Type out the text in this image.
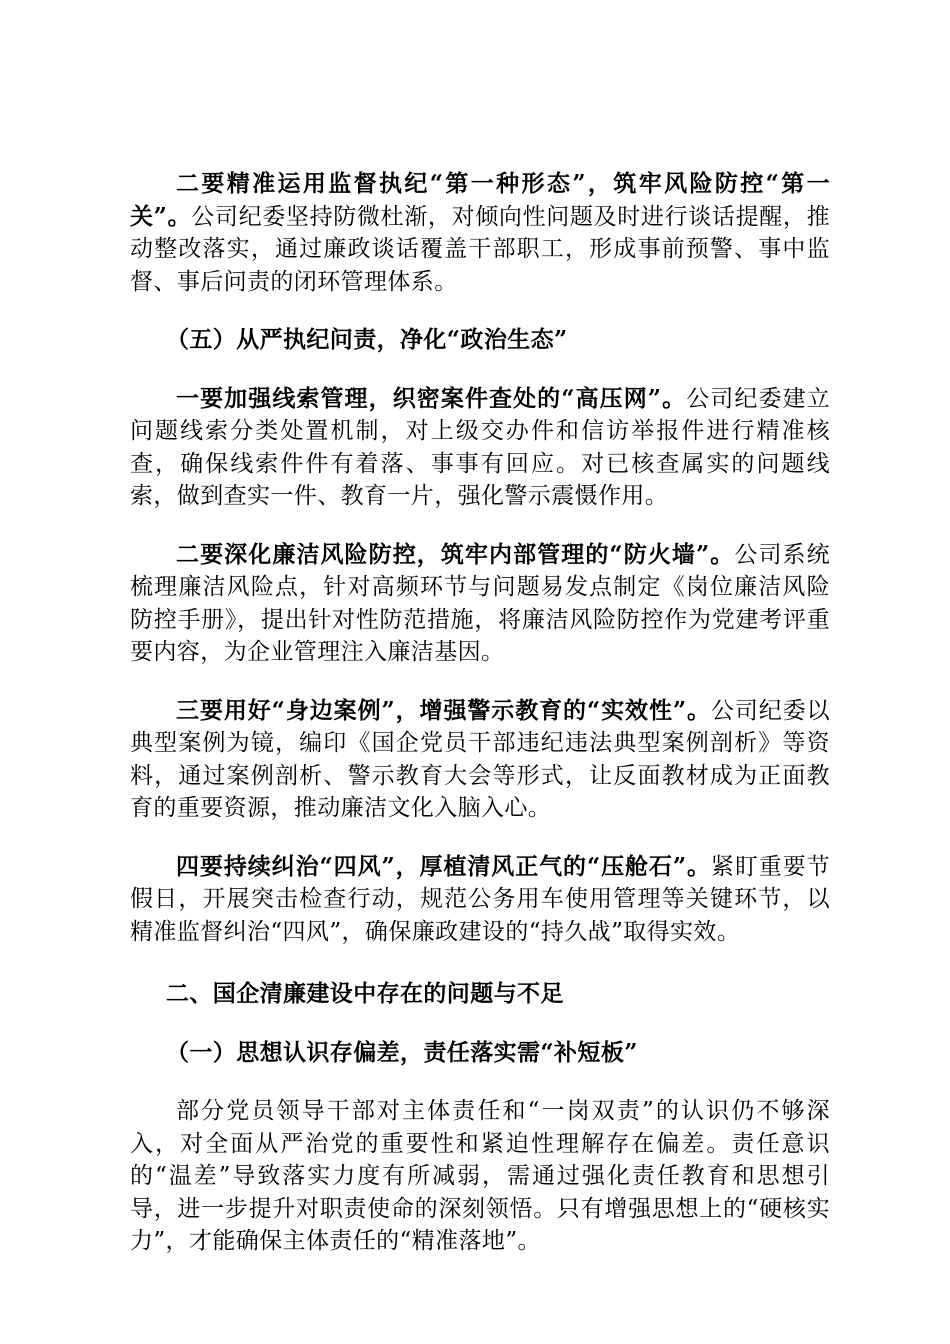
二要精准运用监督执纪“第一种形态”，筑牢风险防控“第一关”。公司纪委坚持防微杜渐，对倾向性问题及时进行谈话提醒，推动整改落实，通过廉政谈话覆盖干部职工，形成事前预警、事中监督、事后问责的闭环管理体系。

（五）从严执纪问责，净化“政治生态”

一要加强线索管理，织密案件查处的“高压网”。公司纪委建立问题线索分类处置机制，对上级交办件和信访举报件进行精准核查，确保线索件件有着落、事事有回应。对已核查属实的问题线索，做到查实一件、教育一片，强化警示震慑作用。

二要深化廉洁风险防控，筑牢内部管理的“防火墙”。公司系统梳理廉洁风险点，针对高频环节与问题易发点制定《岗位廉洁风险防控手册》，提出针对性防范措施，将廉洁风险防控作为党建考评重要内容，为企业管理注入廉洁基因。

三要用好“身边案例”，增强警示教育的“实效性”。公司纪委以典型案例为镜，编印《国企党员干部违纪违法典型案例剖析》等资料，通过案例剖析、警示教育大会等形式，让反面教材成为正面教育的重要资源，推动廉洁文化入脑入心。

四要持续纠治“四风”，厚植清风正气的“压舱石”。紧盯重要节假日，开展突击检查行动，规范公务用车使用管理等关键环节，以精准监督纠治“四风”，确保廉政建设的“持久战”取得实效。

二、国企清廉建设中存在的问题与不足

（一）思想认识存偏差，责任落实需“补短板”

部分党员领导干部对主体责任和“一岗双责”的认识仍不够深入，对全面从严治党的重要性和紧迫性理解存在偏差。责任意识的“温差”导致落实力度有所减弱，需通过强化责任教育和思想引导，进一步提升对职责使命的深刻领悟。只有增强思想上的“硬核实力”，才能确保主体责任的“精准落地”。
